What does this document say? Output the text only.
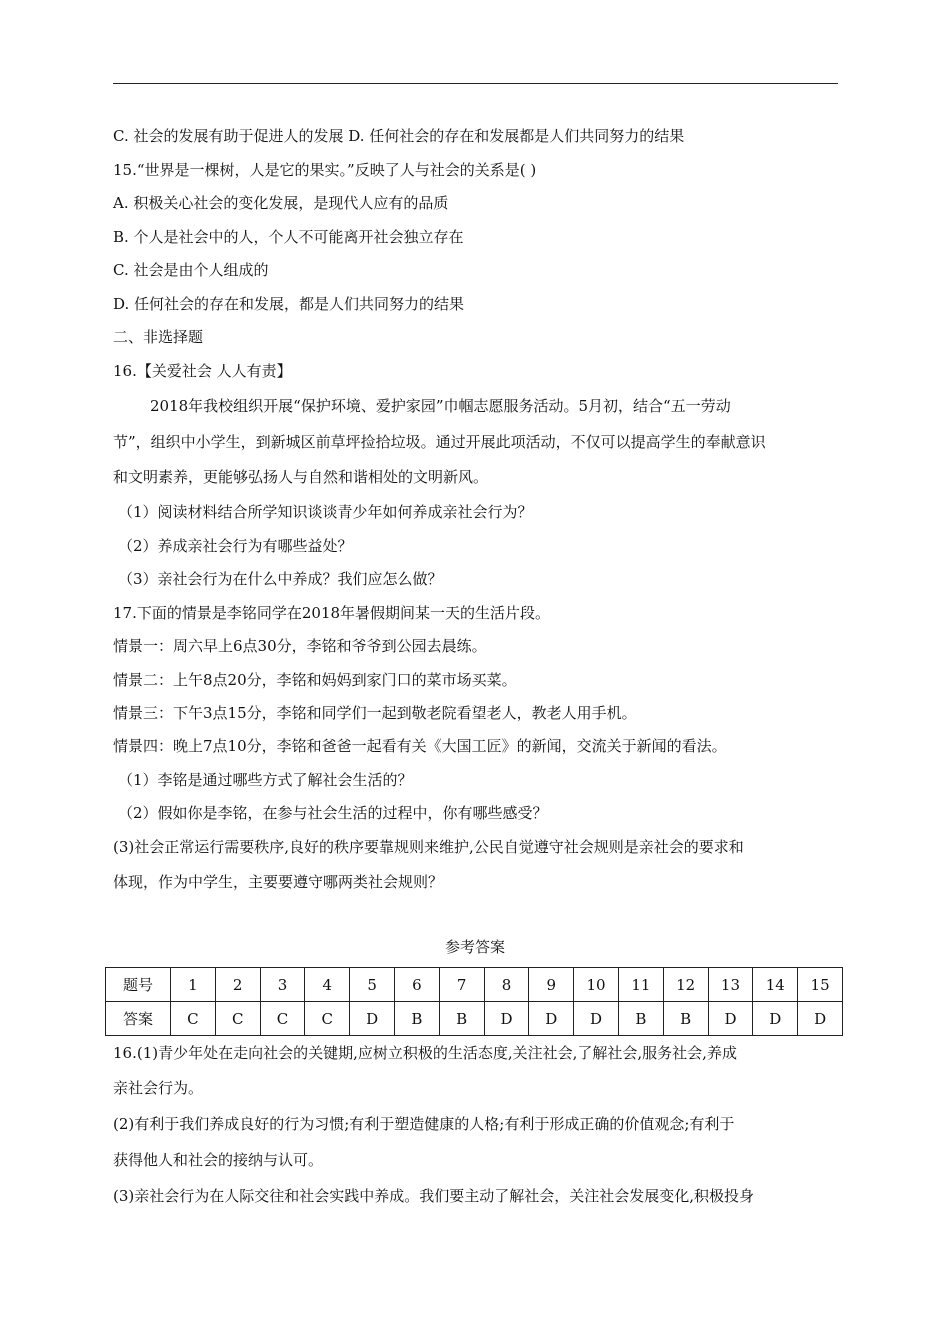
C. 社会的发展有助于促进人的发展 D. 任何社会的存在和发展都是人们共同努力的结果
15.“世界是一棵树，人是它的果实。”反映了人与社会的关系是( )
A. 积极关心社会的变化发展，是现代人应有的品质
B. 个人是社会中的人，个人不可能离开社会独立存在
C. 社会是由个人组成的
D. 任何社会的存在和发展，都是人们共同努力的结果
二、非选择题
16.【关爱社会 人人有责】
2018年我校组织开展“保护环境、爱护家园”巾帼志愿服务活动。5月初，结合“五一劳动
节”，组织中小学生，到新城区前草坪捡拾垃圾。通过开展此项活动，不仅可以提高学生的奉献意识
和文明素养，更能够弘扬人与自然和谐相处的文明新风。
（1）阅读材料结合所学知识谈谈青少年如何养成亲社会行为？
（2）养成亲社会行为有哪些益处？
（3）亲社会行为在什么中养成？我们应怎么做？
17.下面的情景是李铭同学在2018年暑假期间某一天的生活片段。
情景一：周六早上6点30分，李铭和爷爷到公园去晨练。
情景二：上午8点20分，李铭和妈妈到家门口的菜市场买菜。
情景三：下午3点15分，李铭和同学们一起到敬老院看望老人，教老人用手机。
情景四：晚上7点10分，李铭和爸爸一起看有关《大国工匠》的新闻，交流关于新闻的看法。
（1）李铭是通过哪些方式了解社会生活的？
（2）假如你是李铭，在参与社会生活的过程中，你有哪些感受？
(3)社会正常运行需要秩序,良好的秩序要靠规则来维护,公民自觉遵守社会规则是亲社会的要求和
体现，作为中学生，主要要遵守哪两类社会规则？
参考答案
题号	1	2	3	4	5	6	7	8	9	10	11	12	13	14	15
答案	C	C	C	C	D	B	B	D	D	D	B	B	D	D	D
16.(1)青少年处在走向社会的关键期,应树立积极的生活态度,关注社会,了解社会,服务社会,养成
亲社会行为。
(2)有利于我们养成良好的行为习惯;有利于塑造健康的人格;有利于形成正确的价值观念;有利于
获得他人和社会的接纳与认可。
(3)亲社会行为在人际交往和社会实践中养成。我们要主动了解社会，关注社会发展变化,积极投身
